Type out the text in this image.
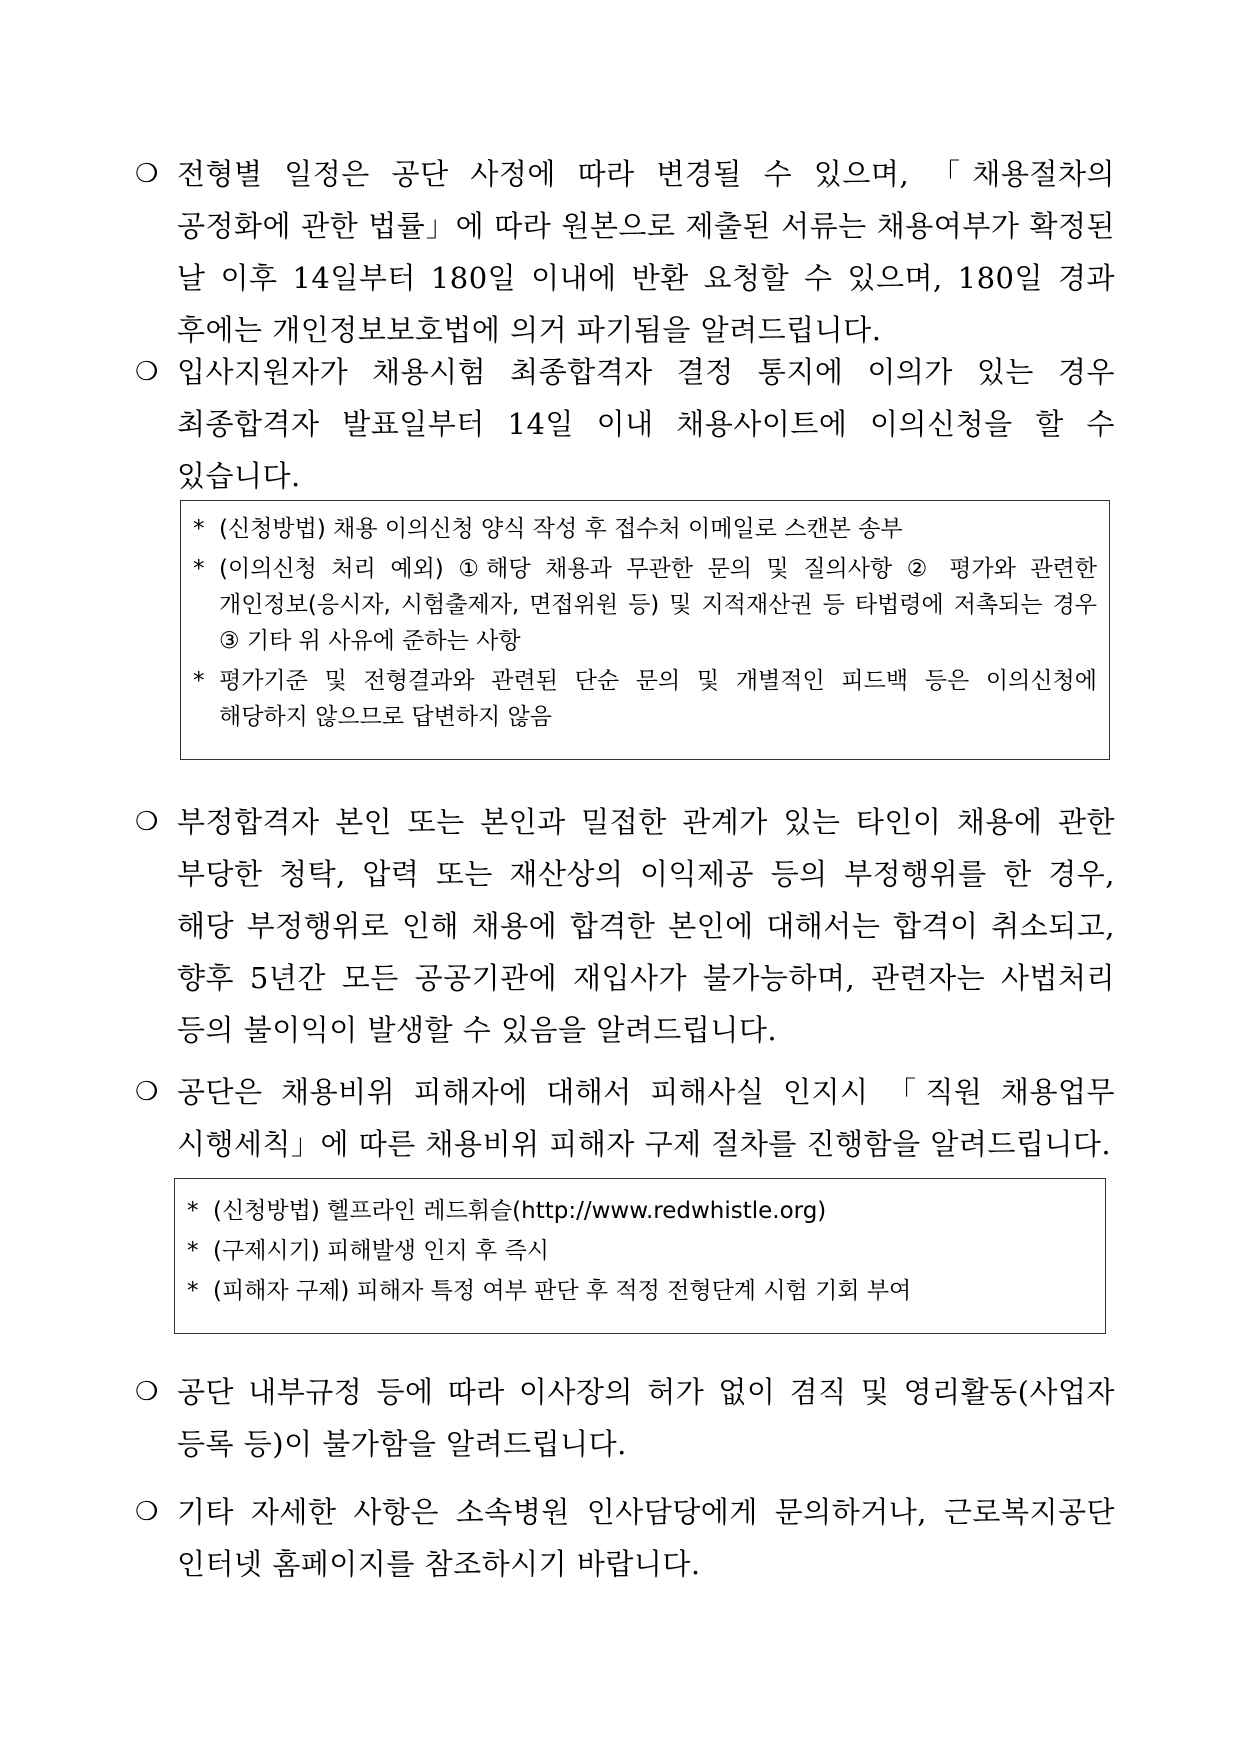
❍ 전형별 일정은 공단 사정에 따라 변경될 수 있으며, 「채용절차의 공정화에 관한 법률」에 따라 원본으로 제출된 서류는 채용여부가 확정된 날 이후 14일부터 180일 이내에 반환 요청할 수 있으며, 180일 경과 후에는 개인정보보호법에 의거 파기됨을 알려드립니다.
❍ 입사지원자가 채용시험 최종합격자 결정 통지에 이의가 있는 경우 최종합격자 발표일부터 14일 이내 채용사이트에 이의신청을 할 수 있습니다.
* (신청방법) 채용 이의신청 양식 작성 후 접수처 이메일로 스캔본 송부
* (이의신청 처리 예외) ①해당 채용과 무관한 문의 및 질의사항 ② 평가와 관련한 개인정보(응시자, 시험출제자, 면접위원 등) 및 지적재산권 등 타법령에 저촉되는 경우 ③ 기타 위 사유에 준하는 사항
* 평가기준 및 전형결과와 관련된 단순 문의 및 개별적인 피드백 등은 이의신청에 해당하지 않으므로 답변하지 않음
❍ 부정합격자 본인 또는 본인과 밀접한 관계가 있는 타인이 채용에 관한 부당한 청탁, 압력 또는 재산상의 이익제공 등의 부정행위를 한 경우, 해당 부정행위로 인해 채용에 합격한 본인에 대해서는 합격이 취소되고, 향후 5년간 모든 공공기관에 재입사가 불가능하며, 관련자는 사법처리 등의 불이익이 발생할 수 있음을 알려드립니다.
❍ 공단은 채용비위 피해자에 대해서 피해사실 인지시 「직원 채용업무 시행세칙」에 따른 채용비위 피해자 구제 절차를 진행함을 알려드립니다.
* (신청방법) 헬프라인 레드휘슬(http://www.redwhistle.org)
* (구제시기) 피해발생 인지 후 즉시
* (피해자 구제) 피해자 특정 여부 판단 후 적정 전형단계 시험 기회 부여
❍ 공단 내부규정 등에 따라 이사장의 허가 없이 겸직 및 영리활동(사업자 등록 등)이 불가함을 알려드립니다.
❍ 기타 자세한 사항은 소속병원 인사담당에게 문의하거나, 근로복지공단 인터넷 홈페이지를 참조하시기 바랍니다.
